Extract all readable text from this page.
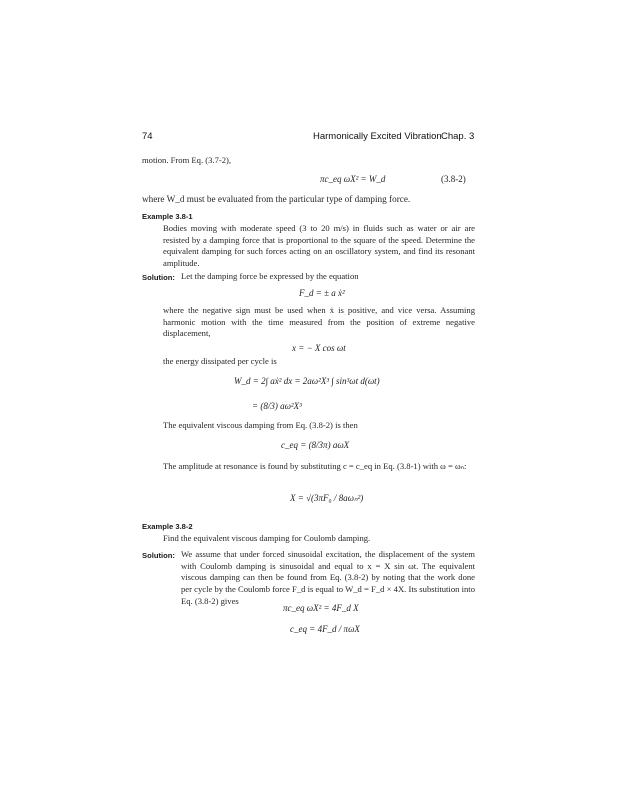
74	Harmonically Excited Vibration Chap. 3
motion. From Eq. (3.7-2),
πc_eq ωX² = W_d	(3.8-2)
where W_d must be evaluated from the particular type of damping force.
Example 3.8-1
Bodies moving with moderate speed (3 to 20 m/s) in fluids such as water or air are resisted by a damping force that is proportional to the square of the speed. Determine the equivalent damping for such forces acting on an oscillatory system, and find its resonant amplitude.
Solution: Let the damping force be expressed by the equation
F_d = ± a ẋ²
where the negative sign must be used when ẋ is positive, and vice versa. Assuming harmonic motion with the time measured from the position of extreme negative displacement,
x = − X cos ωt
the energy dissipated per cycle is
W_d = 2∫ aẋ² dx = 2aω²X³ ∫ sin³ωt d(ωt)
= (8/3) aω²X³
The equivalent viscous damping from Eq. (3.8-2) is then
c_eq = (8/3π) aωX
The amplitude at resonance is found by substituting c = c_eq in Eq. (3.8-1) with ω = ωₙ:
X = √(3πF₀ / 8aωₙ²)
Example 3.8-2
Find the equivalent viscous damping for Coulomb damping.
Solution: We assume that under forced sinusoidal excitation, the displacement of the system with Coulomb damping is sinusoidal and equal to x = X sin ωt. The equivalent viscous damping can then be found from Eq. (3.8-2) by noting that the work done per cycle by the Coulomb force F_d is equal to W_d = F_d × 4X. Its substitution into Eq. (3.8-2) gives
πc_eq ωX² = 4F_d X
c_eq = 4F_d / πωX
